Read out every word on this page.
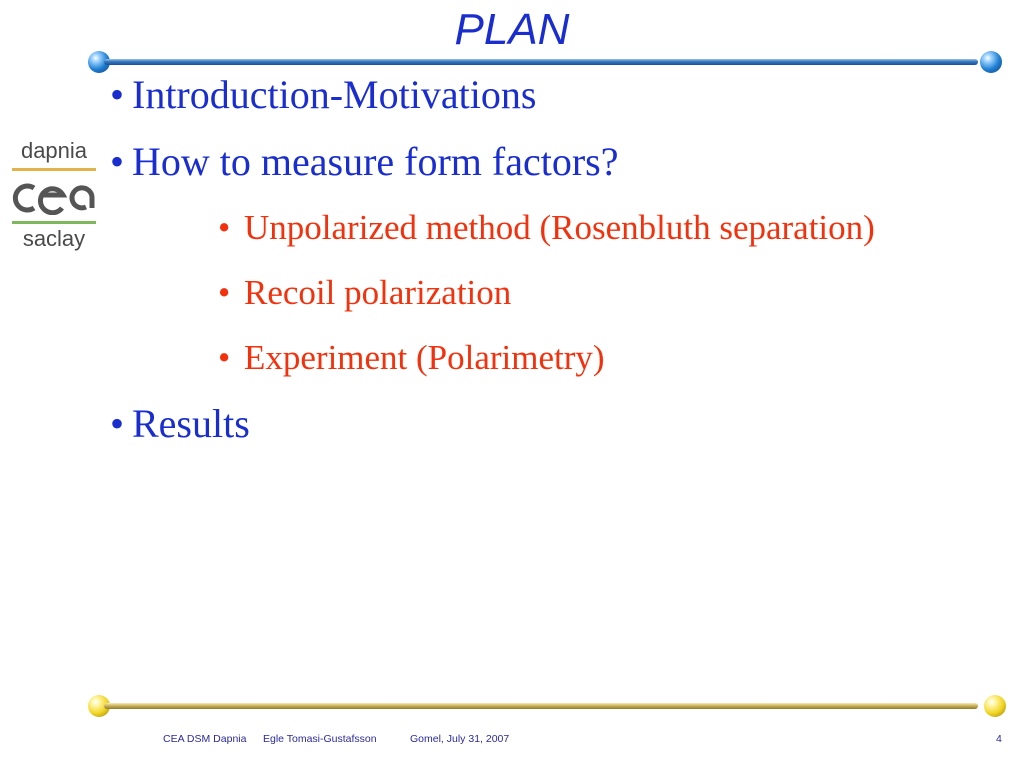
PLAN
dapnia
saclay
• Introduction-Motivations
• How to measure form factors?
• Unpolarized method (Rosenbluth separation)
• Recoil polarization
• Experiment (Polarimetry)
• Results
CEA DSM Dapnia Egle Tomasi-Gustafsson	Gomel, July 31, 2007	4
